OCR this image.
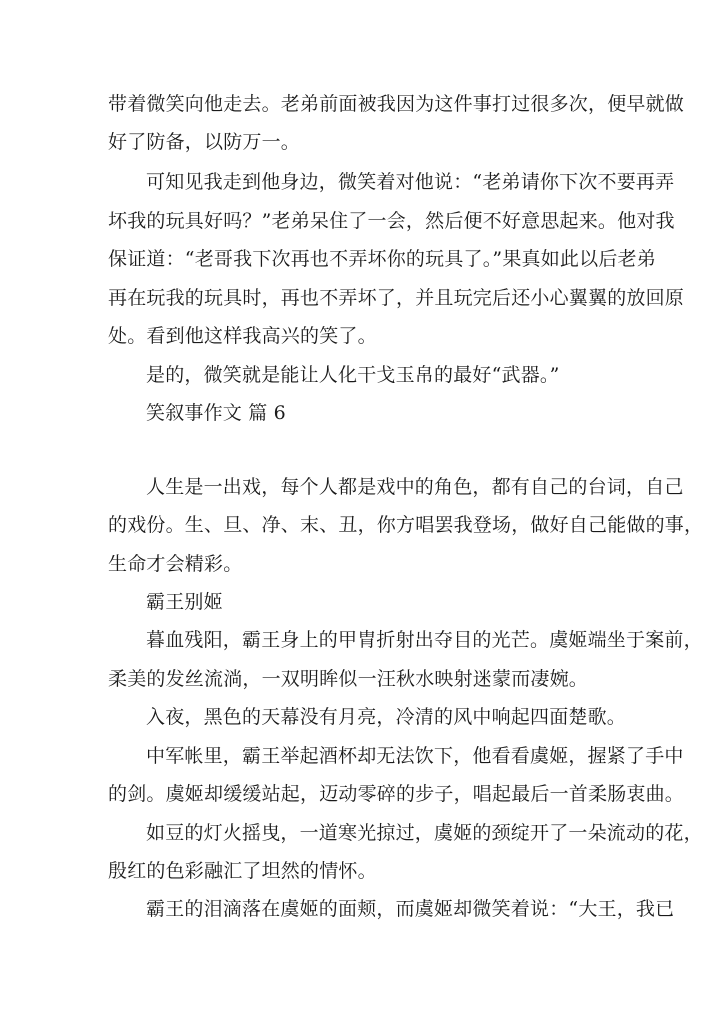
带着微笑向他走去。老弟前面被我因为这件事打过很多次，便早就做
好了防备，以防万一。
可知见我走到他身边，微笑着对他说：“老弟请你下次不要再弄
坏我的玩具好吗？”老弟呆住了一会，然后便不好意思起来。他对我
保证道：“老哥我下次再也不弄坏你的玩具了。”果真如此以后老弟
再在玩我的玩具时，再也不弄坏了，并且玩完后还小心翼翼的放回原
处。看到他这样我高兴的笑了。
是的，微笑就是能让人化干戈玉帛的最好“武器。”
笑叙事作文 篇 6
人生是一出戏，每个人都是戏中的角色，都有自己的台词，自己
的戏份。生、旦、净、末、丑，你方唱罢我登场，做好自己能做的事，
生命才会精彩。
霸王别姬
暮血残阳，霸王身上的甲胄折射出夺目的光芒。虞姬端坐于案前，
柔美的发丝流淌，一双明眸似一汪秋水映射迷蒙而凄婉。
入夜，黑色的天幕没有月亮，冷清的风中响起四面楚歌。
中军帐里，霸王举起酒杯却无法饮下，他看看虞姬，握紧了手中
的剑。虞姬却缓缓站起，迈动零碎的步子，唱起最后一首柔肠衷曲。
如豆的灯火摇曳，一道寒光掠过，虞姬的颈绽开了一朵流动的花，
殷红的色彩融汇了坦然的情怀。
霸王的泪滴落在虞姬的面颊，而虞姬却微笑着说：“大王，我已
